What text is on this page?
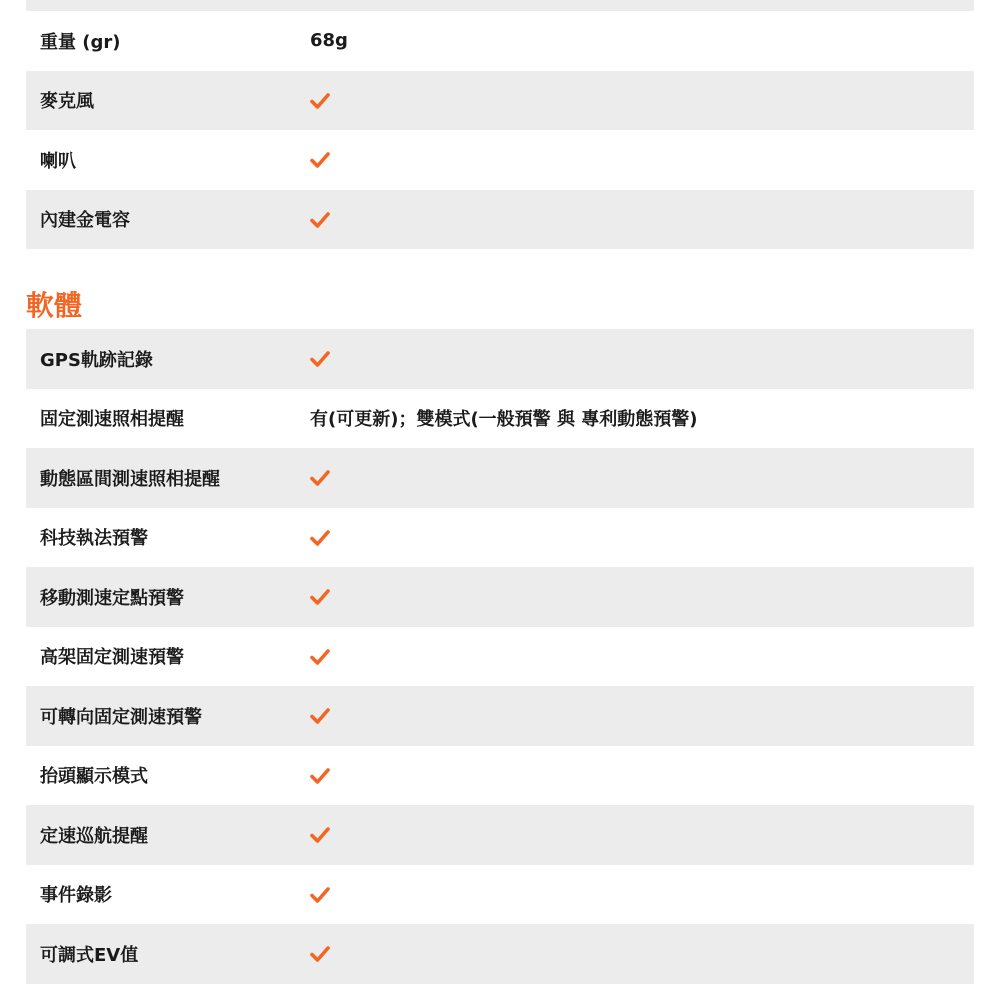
重量 (gr)	68g
麥克風
喇叭
內建金電容
軟體
GPS軌跡記錄
固定測速照相提醒	有(可更新)；雙模式(一般預警 與 專利動態預警)
動態區間測速照相提醒
科技執法預警
移動測速定點預警
高架固定測速預警
可轉向固定測速預警
抬頭顯示模式
定速巡航提醒
事件錄影
可調式EV值
